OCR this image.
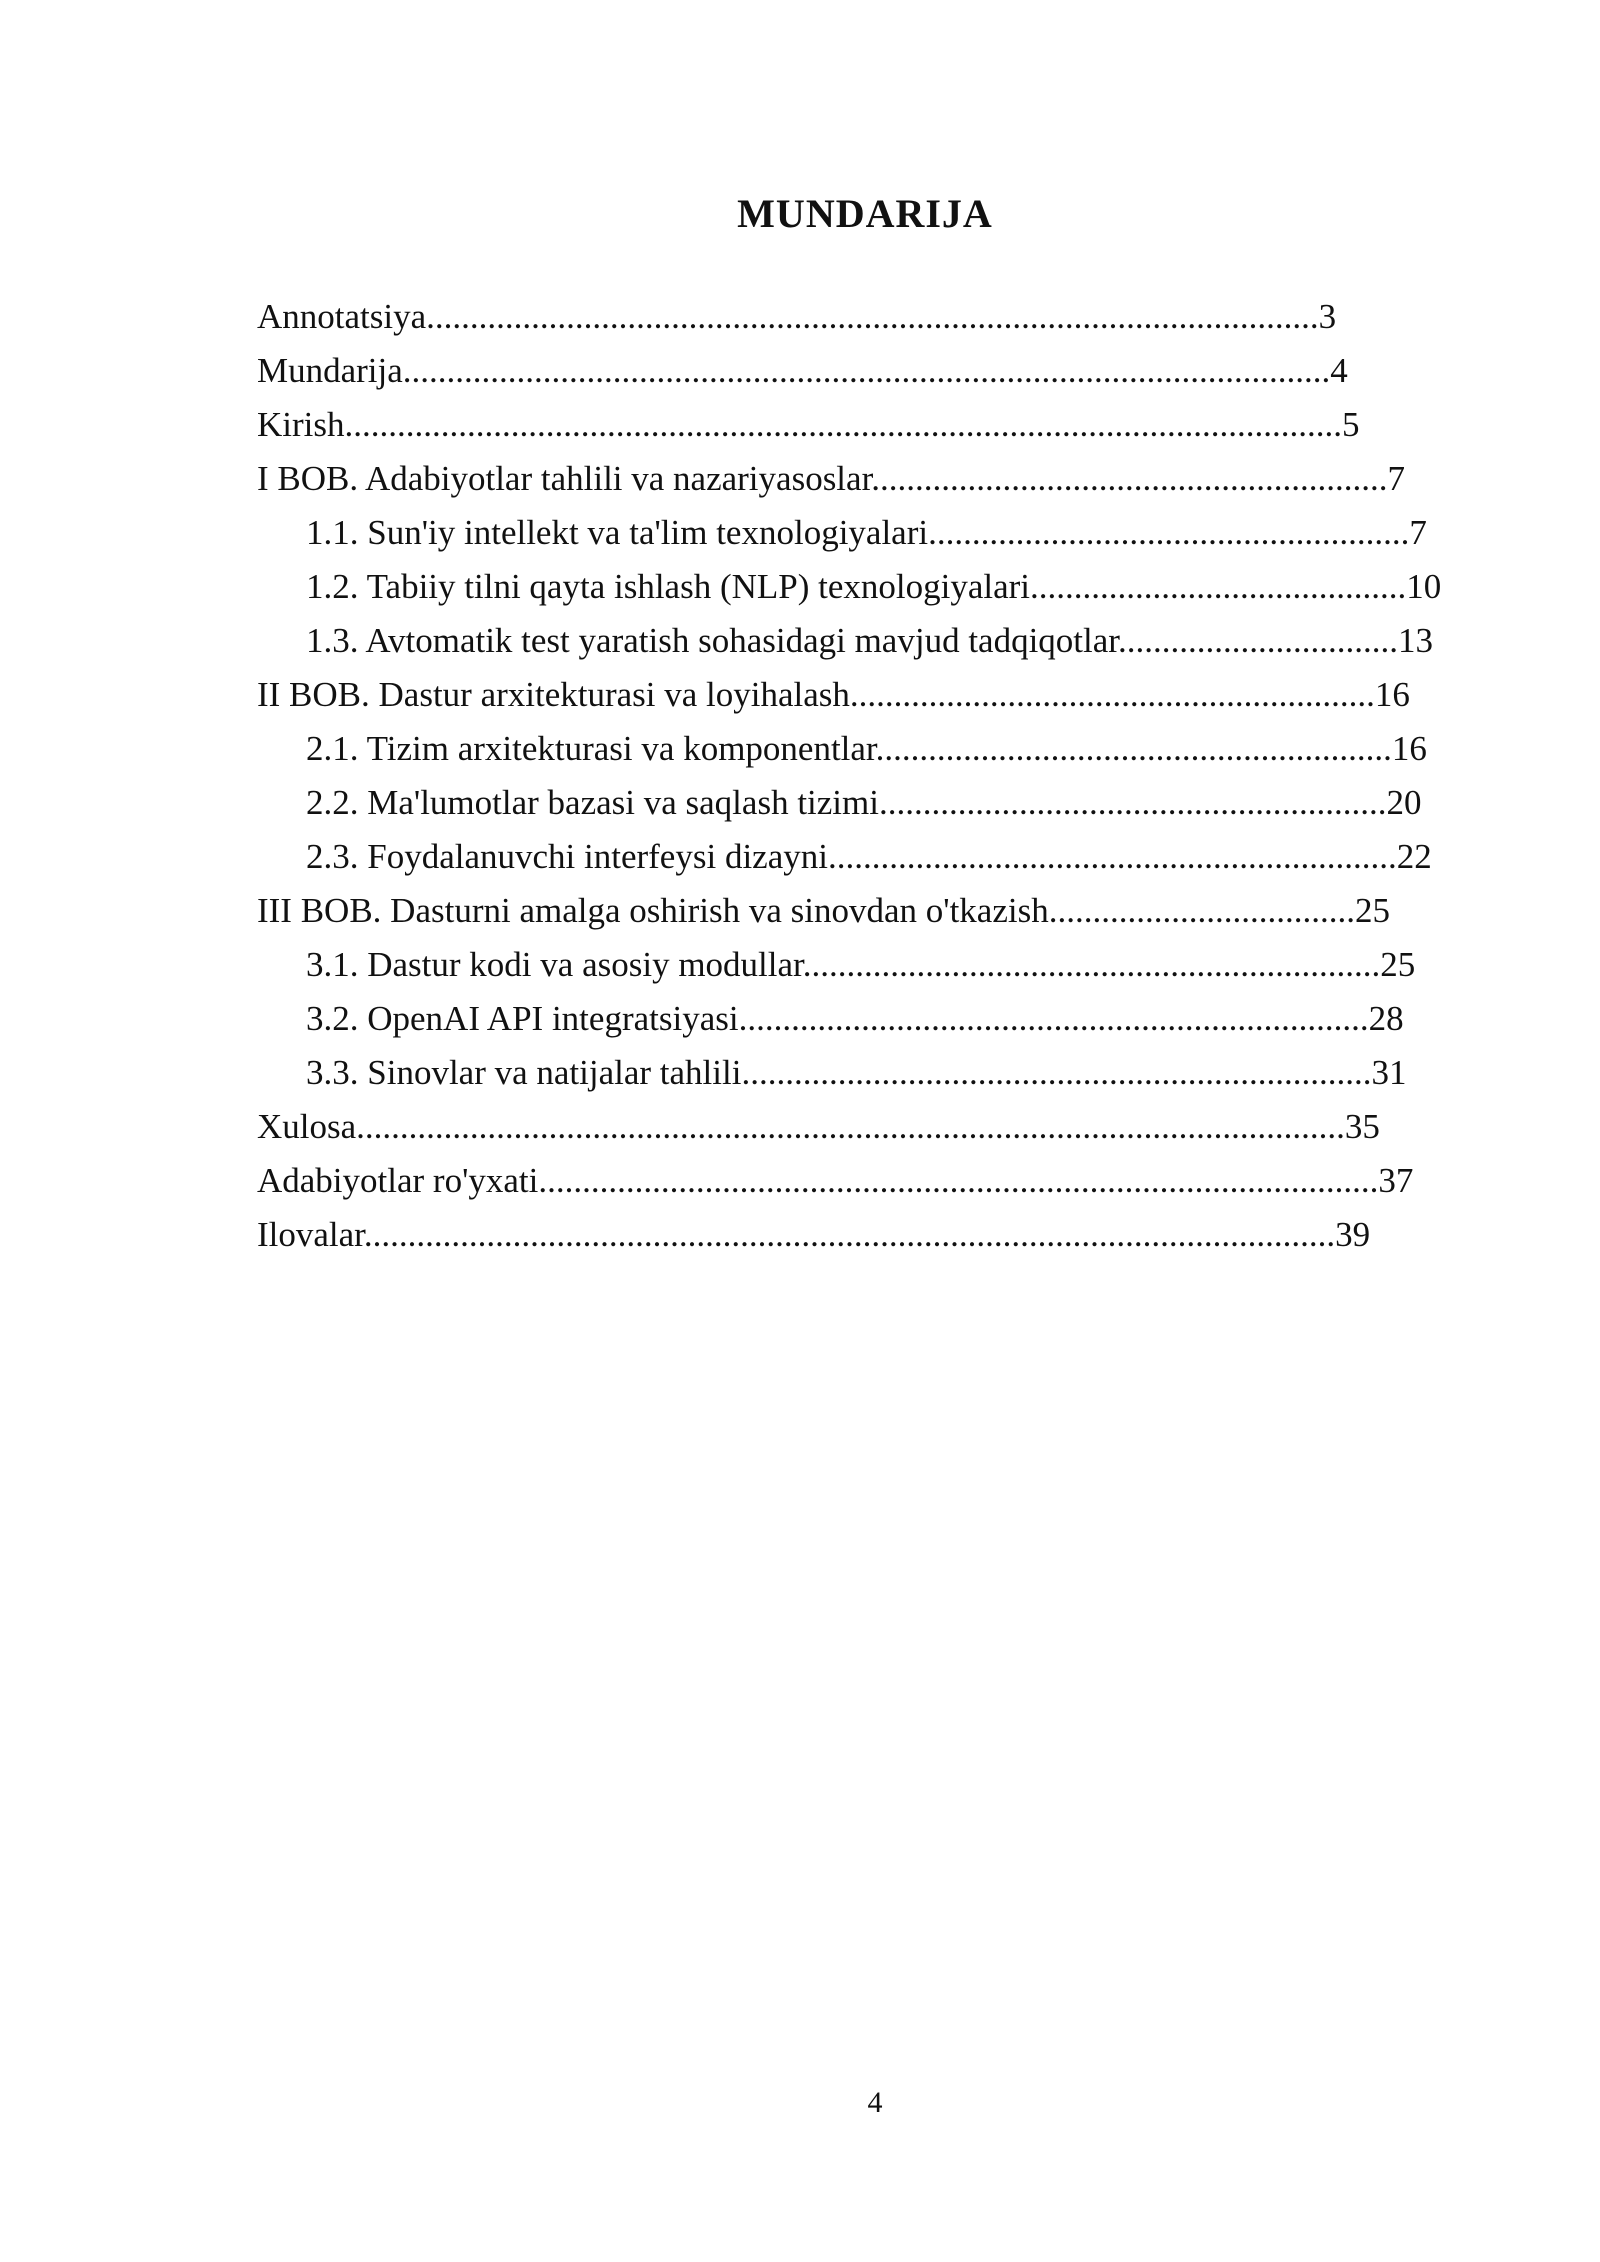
MUNDARIJA

Annotatsiya......................................................................................................3

Mundarija..........................................................................................................4

Kirish..................................................................................................................5

I BOB. Adabiyotlar tahlili va nazariyasoslar...........................................................7

1.1. Sun'iy intellekt va ta'lim texnologiyalari.......................................................7

1.2. Tabiiy tilni qayta ishlash (NLP) texnologiyalari...........................................10

1.3. Avtomatik test yaratish sohasidagi mavjud tadqiqotlar................................13

II BOB. Dastur arxitekturasi va loyihalash............................................................16

2.1. Tizim arxitekturasi va komponentlar...........................................................16

2.2. Ma'lumotlar bazasi va saqlash tizimi..........................................................20

2.3. Foydalanuvchi interfeysi dizayni.................................................................22

III BOB. Dasturni amalga oshirish va sinovdan o'tkazish...................................25

3.1. Dastur kodi va asosiy modullar..................................................................25

3.2. OpenAI API integratsiyasi........................................................................28

3.3. Sinovlar va natijalar tahlili........................................................................31

Xulosa.................................................................................................................35

Adabiyotlar ro'yxati................................................................................................37

Ilovalar...............................................................................................................39

4
